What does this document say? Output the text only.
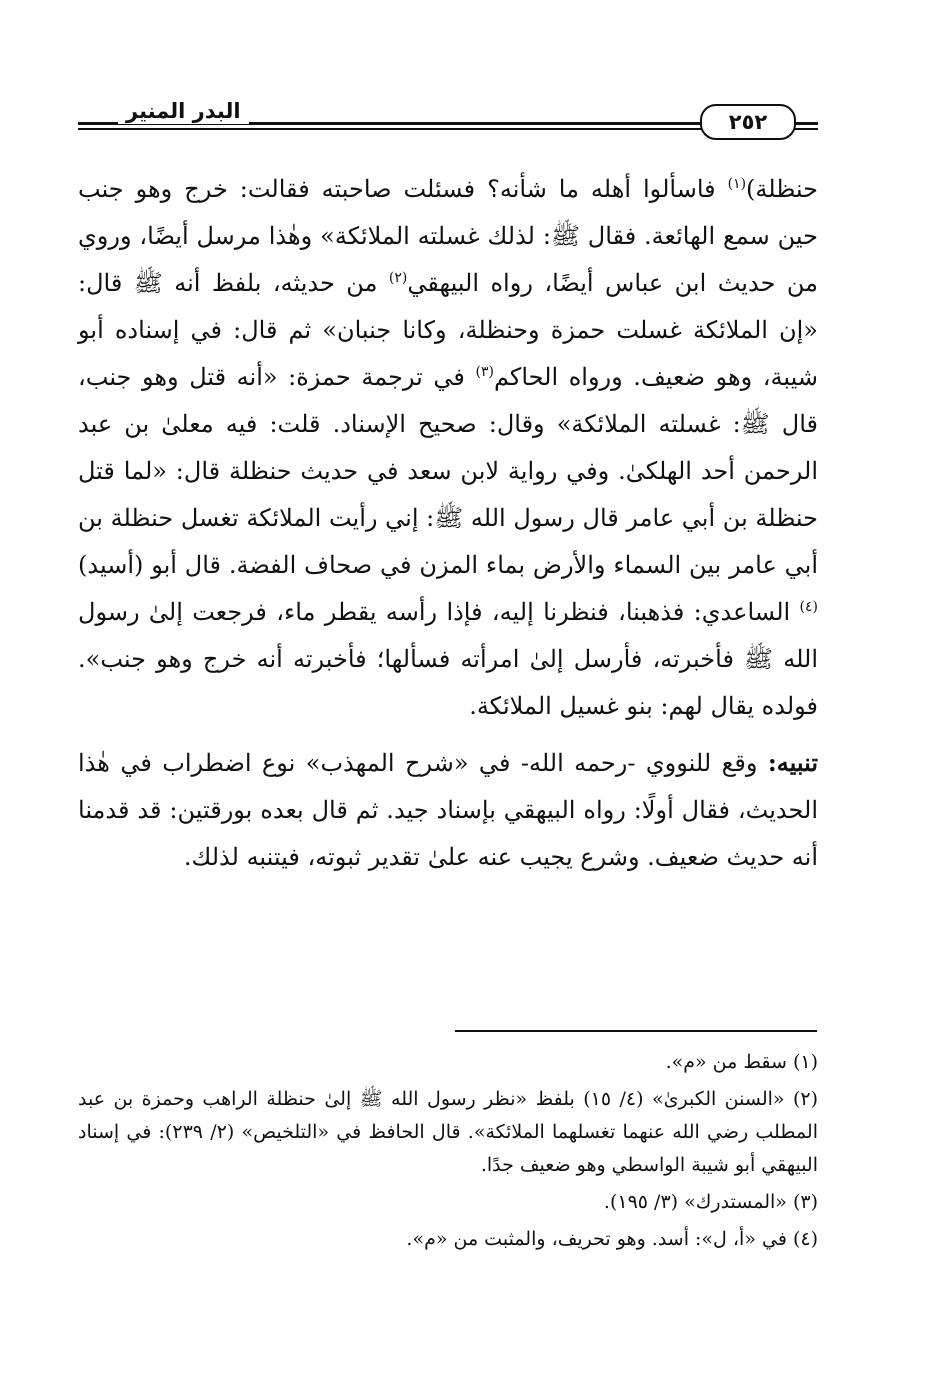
البدر المنير	٢٥٢

حنظلة)$^{(١)}$ فاسألوا أهله ما شأنه؟ فسئلت صاحبته فقالت: خرج وهو جنب حين سمع الهائعة. فقال ﷺ: لذلك غسلته الملائكة» وهٰذا مرسل أيضًا، وروي من حديث ابن عباس أيضًا، رواه البيهقي$^{(٢)}$ من حديثه، بلفظ أنه ﷺ قال: «إن الملائكة غسلت حمزة وحنظلة، وكانا جنبان» ثم قال: في إسناده أبو شيبة، وهو ضعيف. ورواه الحاكم$^{(٣)}$ في ترجمة حمزة: «أنه قتل وهو جنب، قال ﷺ: غسلته الملائكة» وقال: صحيح الإسناد. قلت: فيه معلىٰ بن عبد الرحمن أحد الهلكىٰ. وفي رواية لابن سعد في حديث حنظلة قال: «لما قتل حنظلة بن أبي عامر قال رسول الله ﷺ: إني رأيت الملائكة تغسل حنظلة بن أبي عامر بين السماء والأرض بماء المزن في صحاف الفضة. قال أبو (أسيد)$^{(٤)}$ الساعدي: فذهبنا، فنظرنا إليه، فإذا رأسه يقطر ماء، فرجعت إلىٰ رسول الله ﷺ فأخبرته، فأرسل إلىٰ امرأته فسألها؛ فأخبرته أنه خرج وهو جنب». فولده يقال لهم: بنو غسيل الملائكة.

تنبيه: وقع للنووي -رحمه الله- في «شرح المهذب» نوع اضطراب في هٰذا الحديث، فقال أولًا: رواه البيهقي بإسناد جيد. ثم قال بعده بورقتين: قد قدمنا أنه حديث ضعيف. وشرع يجيب عنه علىٰ تقدير ثبوته، فيتنبه لذلك.

(١) سقط من «م».

(٢) «السنن الكبرىٰ» (٤/ ١٥) بلفظ «نظر رسول الله ﷺ إلىٰ حنظلة الراهب وحمزة بن عبد المطلب رضي الله عنهما تغسلهما الملائكة». قال الحافظ في «التلخيص» (٢/ ٢٣٩): في إسناد البيهقي أبو شيبة الواسطي وهو ضعيف جدًا.

(٣) «المستدرك» (٣/ ١٩٥).

(٤) في «أ، ل»: أسد. وهو تحريف، والمثبت من «م».
